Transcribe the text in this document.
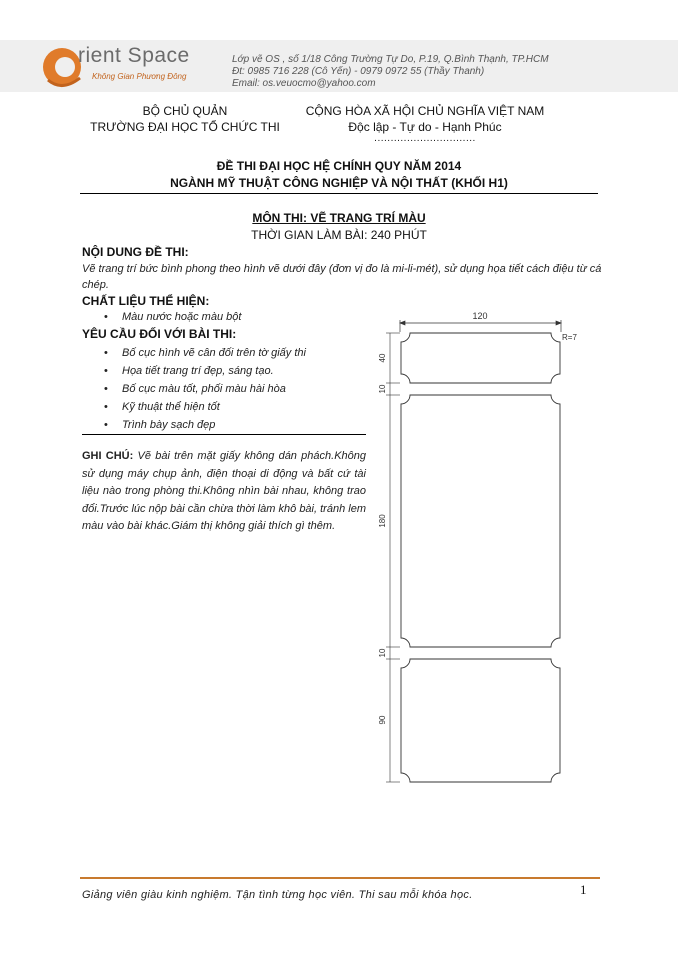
rient Space
Không Gian Phương Đông
Lớp vẽ OS , số 1/18 Công Trường Tự Do, P.19, Q.Bình Thạnh, TP.HCM
Đt: 0985 716 228 (Cô Yến) - 0979 0972 55 (Thầy Thanh)
Email: os.veuocmo@yahoo.com
BỘ CHỦ QUẢN
TRƯỜNG ĐẠI HỌC TỔ CHỨC THI
CỘNG HÒA XÃ HỘI CHỦ NGHĨA VIỆT NAM
Độc lập - Tự do - Hạnh Phúc
...............................
ĐỀ THI ĐẠI HỌC HỆ CHÍNH QUY NĂM 2014
NGÀNH MỸ THUẬT CÔNG NGHIỆP VÀ NỘI THẤT (KHỐI H1)
MÔN THI: VẼ TRANG TRÍ MÀU
THỜI GIAN LÀM BÀI: 240 PHÚT
NỘI DUNG ĐỀ THI:
Vẽ trang trí bức bình phong theo hình vẽ dưới đây (đơn vị đo là mi-li-mét), sử dụng họa tiết cách điệu từ cá chép.
CHẤT LIỆU THỂ HIỆN:
• Màu nước hoặc màu bột
YÊU CẦU ĐỐI VỚI BÀI THI:
• Bố cục hình vẽ cân đối trên tờ giấy thi
• Họa tiết trang trí đẹp, sáng tạo.
• Bố cục màu tốt, phối màu hài hòa
• Kỹ thuật thể hiện tốt
• Trình bày sạch đẹp
GHI CHÚ: Vẽ bài trên mặt giấy không dán phách.Không sử dụng máy chụp ảnh, điện thoại di động và bất cứ tài liệu nào trong phòng thi.Không nhìn bài nhau, không trao đổi.Trước lúc nộp bài cần chừa thời làm khô bài, tránh lem màu vào bài khác.Giám thị không giải thích gì thêm.
120
R=7
40
10
180
10
90
Giảng viên giàu kinh nghiệm. Tận tình từng học viên. Thi sau mỗi khóa học.	1
